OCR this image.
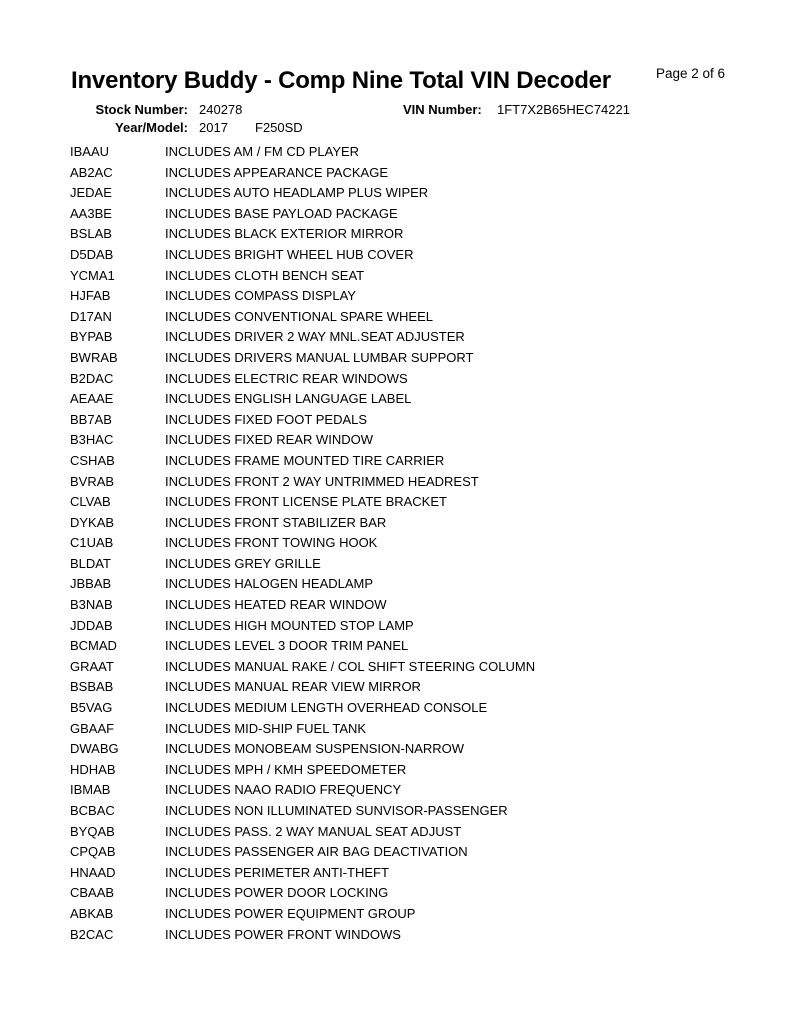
Inventory Buddy - Comp Nine Total VIN Decoder	Page 2 of 6
Stock Number: 240278	VIN Number: 1FT7X2B65HEC74221
Year/Model: 2017 F250SD
IBAAU	INCLUDES AM / FM CD PLAYER
AB2AC	INCLUDES APPEARANCE PACKAGE
JEDAE	INCLUDES AUTO HEADLAMP PLUS WIPER
AA3BE	INCLUDES BASE PAYLOAD PACKAGE
BSLAB	INCLUDES BLACK EXTERIOR MIRROR
D5DAB	INCLUDES BRIGHT WHEEL HUB COVER
YCMA1	INCLUDES CLOTH BENCH SEAT
HJFAB	INCLUDES COMPASS DISPLAY
D17AN	INCLUDES CONVENTIONAL SPARE WHEEL
BYPAB	INCLUDES DRIVER 2 WAY MNL.SEAT ADJUSTER
BWRAB	INCLUDES DRIVERS MANUAL LUMBAR SUPPORT
B2DAC	INCLUDES ELECTRIC REAR WINDOWS
AEAAE	INCLUDES ENGLISH LANGUAGE LABEL
BB7AB	INCLUDES FIXED FOOT PEDALS
B3HAC	INCLUDES FIXED REAR WINDOW
CSHAB	INCLUDES FRAME MOUNTED TIRE CARRIER
BVRAB	INCLUDES FRONT 2 WAY UNTRIMMED HEADREST
CLVAB	INCLUDES FRONT LICENSE PLATE BRACKET
DYKAB	INCLUDES FRONT STABILIZER BAR
C1UAB	INCLUDES FRONT TOWING HOOK
BLDAT	INCLUDES GREY GRILLE
JBBAB	INCLUDES HALOGEN HEADLAMP
B3NAB	INCLUDES HEATED REAR WINDOW
JDDAB	INCLUDES HIGH MOUNTED STOP LAMP
BCMAD	INCLUDES LEVEL 3 DOOR TRIM PANEL
GRAAT	INCLUDES MANUAL RAKE / COL SHIFT STEERING COLUMN
BSBAB	INCLUDES MANUAL REAR VIEW MIRROR
B5VAG	INCLUDES MEDIUM LENGTH OVERHEAD CONSOLE
GBAAF	INCLUDES MID-SHIP FUEL TANK
DWABG	INCLUDES MONOBEAM SUSPENSION-NARROW
HDHAB	INCLUDES MPH / KMH SPEEDOMETER
IBMAB	INCLUDES NAAO RADIO FREQUENCY
BCBAC	INCLUDES NON ILLUMINATED SUNVISOR-PASSENGER
BYQAB	INCLUDES PASS. 2 WAY MANUAL SEAT ADJUST
CPQAB	INCLUDES PASSENGER AIR BAG DEACTIVATION
HNAAD	INCLUDES PERIMETER ANTI-THEFT
CBAAB	INCLUDES POWER DOOR LOCKING
ABKAB	INCLUDES POWER EQUIPMENT GROUP
B2CAC	INCLUDES POWER FRONT WINDOWS
